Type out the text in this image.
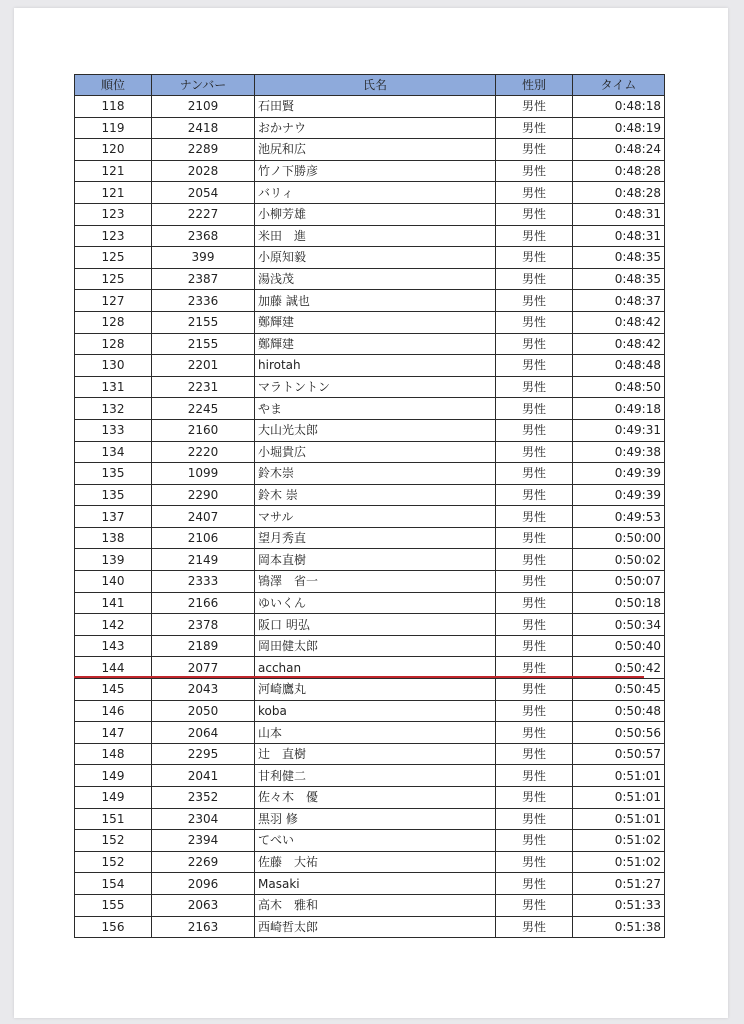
順位	ナンバー	氏名	性別	タイム
118	2109	石田賢	男性	0:48:18
119	2418	おかナウ	男性	0:48:19
120	2289	池尻和広	男性	0:48:24
121	2028	竹ノ下勝彦	男性	0:48:28
121	2054	バリィ	男性	0:48:28
123	2227	小柳芳雄	男性	0:48:31
123	2368	米田　進	男性	0:48:31
125	399	小原知毅	男性	0:48:35
125	2387	湯浅茂	男性	0:48:35
127	2336	加藤 誠也	男性	0:48:37
128	2155	鄭輝建	男性	0:48:42
128	2155	鄭輝建	男性	0:48:42
130	2201	hirotah	男性	0:48:48
131	2231	マラトントン	男性	0:48:50
132	2245	やま	男性	0:49:18
133	2160	大山光太郎	男性	0:49:31
134	2220	小堀貴広	男性	0:49:38
135	1099	鈴木崇	男性	0:49:39
135	2290	鈴木 崇	男性	0:49:39
137	2407	マサル	男性	0:49:53
138	2106	望月秀直	男性	0:50:00
139	2149	岡本直樹	男性	0:50:02
140	2333	鴇澤　省一	男性	0:50:07
141	2166	ゆいくん	男性	0:50:18
142	2378	阪口 明弘	男性	0:50:34
143	2189	岡田健太郎	男性	0:50:40
144	2077	acchan	男性	0:50:42
145	2043	河崎鷹丸	男性	0:50:45
146	2050	koba	男性	0:50:48
147	2064	山本	男性	0:50:56
148	2295	辻　直樹	男性	0:50:57
149	2041	甘利健二	男性	0:51:01
149	2352	佐々木　優	男性	0:51:01
151	2304	黒羽 修	男性	0:51:01
152	2394	てべい	男性	0:51:02
152	2269	佐藤　大祐	男性	0:51:02
154	2096	Masaki	男性	0:51:27
155	2063	高木　雅和	男性	0:51:33
156	2163	西崎哲太郎	男性	0:51:38
